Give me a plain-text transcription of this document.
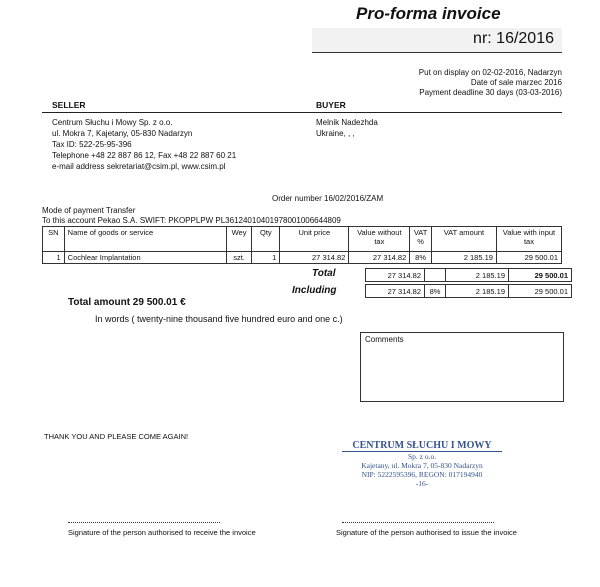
Pro-forma invoice
nr: 16/2016
Put on display on 02-02-2016, Nadarzyn
Date of sale marzec 2016
Payment deadline 30 days (03-03-2016)
SELLER	BUYER
Centrum Słuchu i Mowy Sp. z o.o.
ul. Mokra 7, Kajetany, 05-830 Nadarzyn
Tax ID: 522-25-95-396
Telephone +48 22 887 86 12, Fax +48 22 887 60 21
e-mail address sekretariat@csim.pl, www.csim.pl
Melnik Nadezhda
Ukraine, , ,
Order number 16/02/2016/ZAM
Mode of payment Transfer
To this account Pekao S.A. SWIFT: PKOPPLPW PL36124010401978001006644809
SN	Name of goods or service	Wey	Qty	Unit price	Value without tax	VAT %	VAT amount	Value with input tax
1	Cochlear Implantation	szt.	1	27 314.82	27 314.82	8%	2 185.19	29 500.01
Total
Including
27 314.82		2 185.19	29 500.01

27 314.82	8%	2 185.19	29 500.01
Total amount 29 500.01 €
In words ( twenty-nine thousand five hundred euro and one c.)
Comments
THANK YOU AND PLEASE COME AGAIN!
CENTRUM SŁUCHU I MOWY
Sp. z o.o.
Kajetany, ul. Mokra 7, 05-830 Nadarzyn
NIP: 5222595396, REGON: 017194940
-16-
Signature of the person authorised to receive the invoice	Signature of the person authorised to issue the invoice
